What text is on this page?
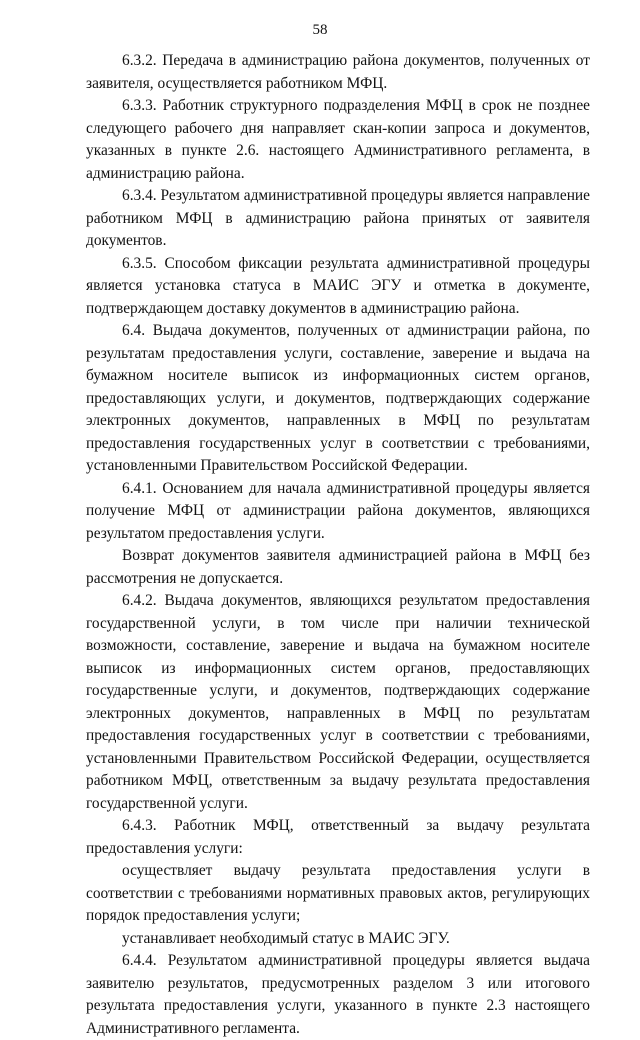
58

6.3.2. Передача в администрацию района документов, полученных от заявителя, осуществляется работником МФЦ.

6.3.3. Работник структурного подразделения МФЦ в срок не позднее следующего рабочего дня направляет скан-копии запроса и документов, указанных в пункте 2.6. настоящего Административного регламента, в администрацию района.

6.3.4. Результатом административной процедуры является направление работником МФЦ в администрацию района принятых от заявителя документов.

6.3.5. Способом фиксации результата административной процедуры является установка статуса в МАИС ЭГУ и отметка в документе, подтверждающем доставку документов в администрацию района.

6.4. Выдача документов, полученных от администрации района, по результатам предоставления услуги, составление, заверение и выдача на бумажном носителе выписок из информационных систем органов, предоставляющих услуги, и документов, подтверждающих содержание электронных документов, направленных в МФЦ по результатам предоставления государственных услуг в соответствии с требованиями, установленными Правительством Российской Федерации.

6.4.1. Основанием для начала административной процедуры является получение МФЦ от администрации района документов, являющихся результатом предоставления услуги.

Возврат документов заявителя администрацией района в МФЦ без рассмотрения не допускается.

6.4.2. Выдача документов, являющихся результатом предоставления государственной услуги, в том числе при наличии технической возможности, составление, заверение и выдача на бумажном носителе выписок из информационных систем органов, предоставляющих государственные услуги, и документов, подтверждающих содержание электронных документов, направленных в МФЦ по результатам предоставления государственных услуг в соответствии с требованиями, установленными Правительством Российской Федерации, осуществляется работником МФЦ, ответственным за выдачу результата предоставления государственной услуги.

6.4.3. Работник МФЦ, ответственный за выдачу результата предоставления услуги:

осуществляет выдачу результата предоставления услуги в соответствии с требованиями нормативных правовых актов, регулирующих порядок предоставления услуги;

устанавливает необходимый статус в МАИС ЭГУ.

6.4.4. Результатом административной процедуры является выдача заявителю результатов, предусмотренных разделом 3 или итогового результата предоставления услуги, указанного в пункте 2.3 настоящего Административного регламента.
